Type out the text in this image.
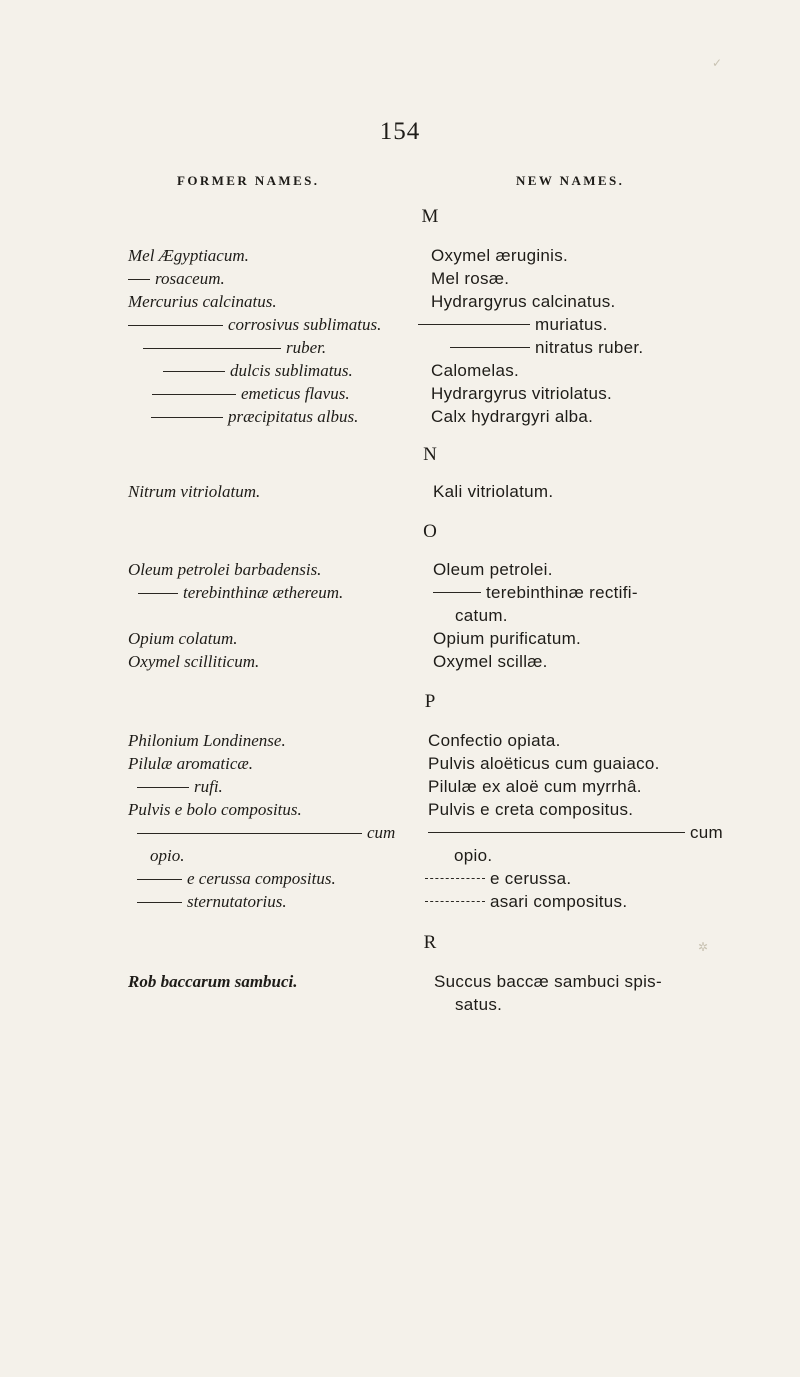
154
FORMER NAMES.	NEW NAMES.
M
Mel Ægyptiacum.	Oxymel æruginis.
rosaceum.	Mel rosæ.
Mercurius calcinatus.	Hydrargyrus calcinatus.
corrosivus sublimatus.	muriatus.
ruber.	nitratus ruber.
dulcis sublimatus.	Calomelas.
emeticus flavus.	Hydrargyrus vitriolatus.
præcipitatus albus.	Calx hydrargyri alba.
N
Nitrum vitriolatum.	Kali vitriolatum.
O
Oleum petrolei barbadensis.	Oleum petrolei.
terebinthinæ æthereum.	terebinthinæ rectifi-
catum.
Opium colatum.	Opium purificatum.
Oxymel scilliticum.	Oxymel scillæ.
P
Philonium Londinense.	Confectio opiata.
Pilulæ aromaticæ.	Pulvis aloëticus cum guaiaco.
rufi.	Pilulæ ex aloë cum myrrhâ.
Pulvis e bolo compositus.	Pulvis e creta compositus.
cum	cum
opio.	opio.
e cerussa compositus.	e cerussa.
sternutatorius.	asari compositus.
R
Rob baccarum sambuci.	Succus baccæ sambuci spis-
satus.
✓
✲
